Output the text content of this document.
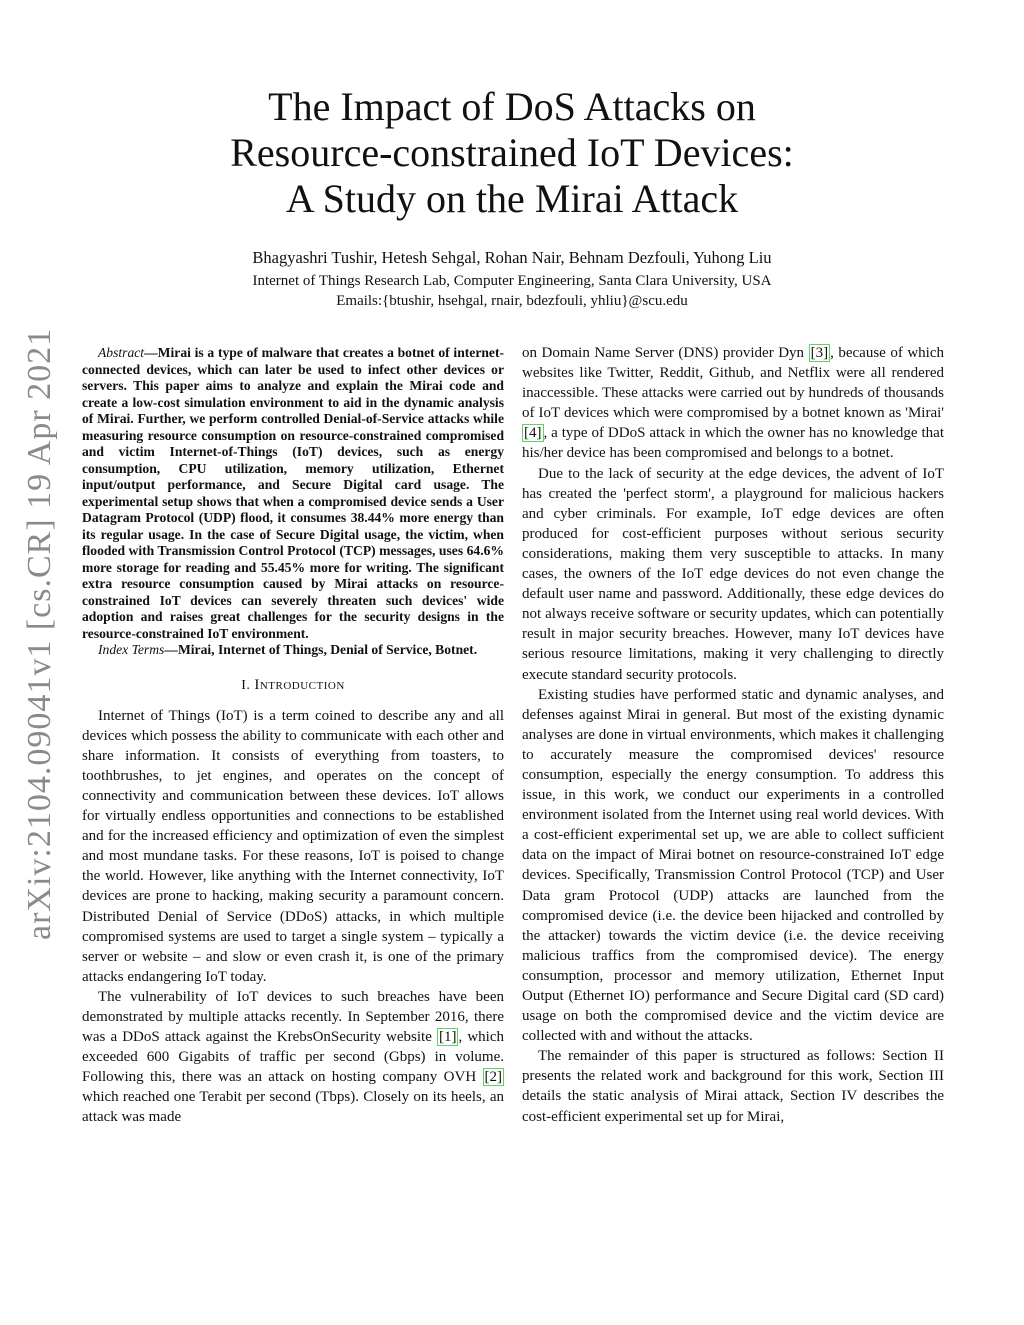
arXiv:2104.09041v1 [cs.CR] 19 Apr 2021
The Impact of DoS Attacks on
Resource-constrained IoT Devices:
A Study on the Mirai Attack
Bhagyashri Tushir, Hetesh Sehgal, Rohan Nair, Behnam Dezfouli, Yuhong Liu
Internet of Things Research Lab, Computer Engineering, Santa Clara University, USA
Emails:{btushir, hsehgal, rnair, bdezfouli, yhliu}@scu.edu

Abstract—Mirai is a type of malware that creates a botnet of internet-connected devices, which can later be used to infect other devices or servers. This paper aims to analyze and explain the Mirai code and create a low-cost simulation environment to aid in the dynamic analysis of Mirai. Further, we perform controlled Denial-of-Service attacks while measuring resource consumption on resource-constrained compromised and victim Internet-of-Things (IoT) devices, such as energy consumption, CPU utilization, memory utilization, Ethernet input/output performance, and Secure Digital card usage. The experimental setup shows that when a compromised device sends a User Datagram Protocol (UDP) flood, it consumes 38.44% more energy than its regular usage. In the case of Secure Digital usage, the victim, when flooded with Transmission Control Protocol (TCP) messages, uses 64.6% more storage for reading and 55.45% more for writing. The significant extra resource consumption caused by Mirai attacks on resource-constrained IoT devices can severely threaten such devices' wide adoption and raises great challenges for the security designs in the resource-constrained IoT environment.

Index Terms—Mirai, Internet of Things, Denial of Service, Botnet.

I. Introduction

Internet of Things (IoT) is a term coined to describe any and all devices which possess the ability to communicate with each other and share information. It consists of everything from toasters, to toothbrushes, to jet engines, and operates on the concept of connectivity and communication between these devices. IoT allows for virtually endless opportunities and connections to be established and for the increased efficiency and optimization of even the simplest and most mundane tasks. For these reasons, IoT is poised to change the world. However, like anything with the Internet connectivity, IoT devices are prone to hacking, making security a paramount concern. Distributed Denial of Service (DDoS) attacks, in which multiple compromised systems are used to target a single system – typically a server or website – and slow or even crash it, is one of the primary attacks endangering IoT today.

The vulnerability of IoT devices to such breaches have been demonstrated by multiple attacks recently. In September 2016, there was a DDoS attack against the KrebsOnSecurity website [1] , which exceeded 600 Gigabits of traffic per second (Gbps) in volume. Following this, there was an attack on hosting company OVH [2] which reached one Terabit per second (Tbps). Closely on its heels, an attack was made

on Domain Name Server (DNS) provider Dyn [3] , because of which websites like Twitter, Reddit, Github, and Netflix were all rendered inaccessible. These attacks were carried out by hundreds of thousands of IoT devices which were compromised by a botnet known as 'Mirai' [4] , a type of DDoS attack in which the owner has no knowledge that his/her device has been compromised and belongs to a botnet.

Due to the lack of security at the edge devices, the advent of IoT has created the 'perfect storm', a playground for malicious hackers and cyber criminals. For example, IoT edge devices are often produced for cost-efficient purposes without serious security considerations, making them very susceptible to attacks. In many cases, the owners of the IoT edge devices do not even change the default user name and password. Additionally, these edge devices do not always receive software or security updates, which can potentially result in major security breaches. However, many IoT devices have serious resource limitations, making it very challenging to directly execute standard security protocols.

Existing studies have performed static and dynamic analyses, and defenses against Mirai in general. But most of the existing dynamic analyses are done in virtual environments, which makes it challenging to accurately measure the compromised devices' resource consumption, especially the energy consumption. To address this issue, in this work, we conduct our experiments in a controlled environment isolated from the Internet using real world devices. With a cost-efficient experimental set up, we are able to collect sufficient data on the impact of Mirai botnet on resource-constrained IoT edge devices. Specifically, Transmission Control Protocol (TCP) and User Data gram Protocol (UDP) attacks are launched from the compromised device (i.e. the device been hijacked and controlled by the attacker) towards the victim device (i.e. the device receiving malicious traffics from the compromised device). The energy consumption, processor and memory utilization, Ethernet Input Output (Ethernet IO) performance and Secure Digital card (SD card) usage on both the compromised device and the victim device are collected with and without the attacks.

The remainder of this paper is structured as follows: Section II presents the related work and background for this work, Section III details the static analysis of Mirai attack, Section IV describes the cost-efficient experimental set up for Mirai,
